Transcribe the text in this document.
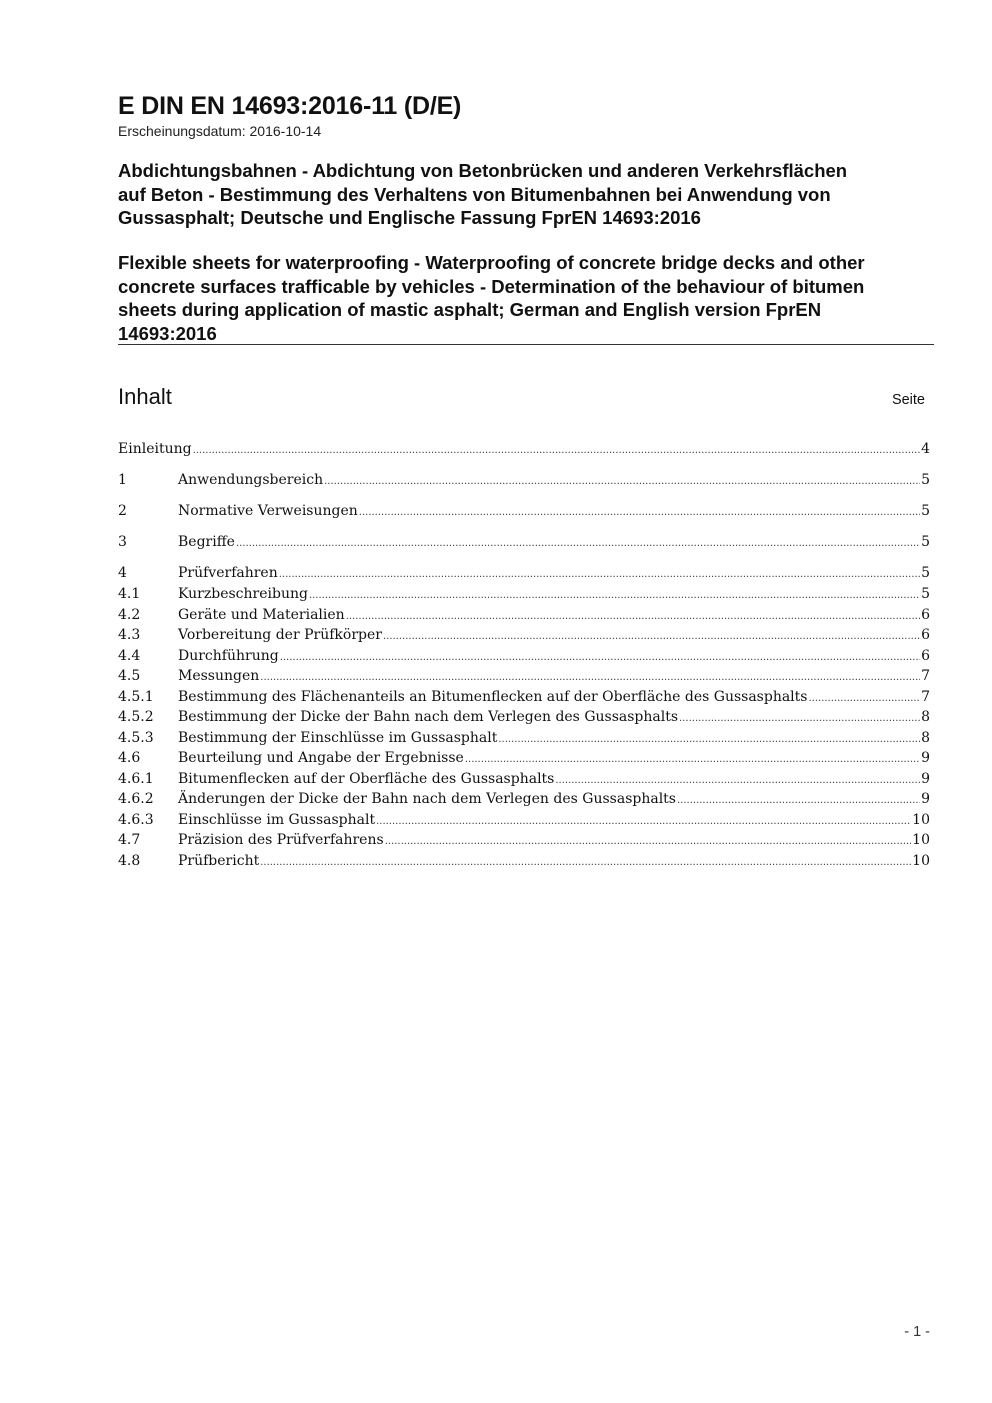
E DIN EN 14693:2016-11 (D/E)
Erscheinungsdatum: 2016-10-14
Abdichtungsbahnen - Abdichtung von Betonbrücken und anderen Verkehrsflächen
auf Beton - Bestimmung des Verhaltens von Bitumenbahnen bei Anwendung von
Gussasphalt; Deutsche und Englische Fassung FprEN 14693:2016
Flexible sheets for waterproofing - Waterproofing of concrete bridge decks and other
concrete surfaces trafficable by vehicles - Determination of the behaviour of bitumen
sheets during application of mastic asphalt; German and English version FprEN
14693:2016
Inhalt	Seite
Einleitung .....	4
1	Anwendungsbereich .....	5
2	Normative Verweisungen .....	5
3	Begriffe .....	5
4	Prüfverfahren .....	5
4.1	Kurzbeschreibung .....	5
4.2	Geräte und Materialien .....	6
4.3	Vorbereitung der Prüfkörper .....	6
4.4	Durchführung .....	6
4.5	Messungen .....	7
4.5.1	Bestimmung des Flächenanteils an Bitumenflecken auf der Oberfläche des Gussasphalts .....	7
4.5.2	Bestimmung der Dicke der Bahn nach dem Verlegen des Gussasphalts .....	8
4.5.3	Bestimmung der Einschlüsse im Gussasphalt .....	8
4.6	Beurteilung und Angabe der Ergebnisse .....	9
4.6.1	Bitumenflecken auf der Oberfläche des Gussasphalts .....	9
4.6.2	Änderungen der Dicke der Bahn nach dem Verlegen des Gussasphalts .....	9
4.6.3	Einschlüsse im Gussasphalt .....	10
4.7	Präzision des Prüfverfahrens .....	10
4.8	Prüfbericht .....	10
- 1 -
